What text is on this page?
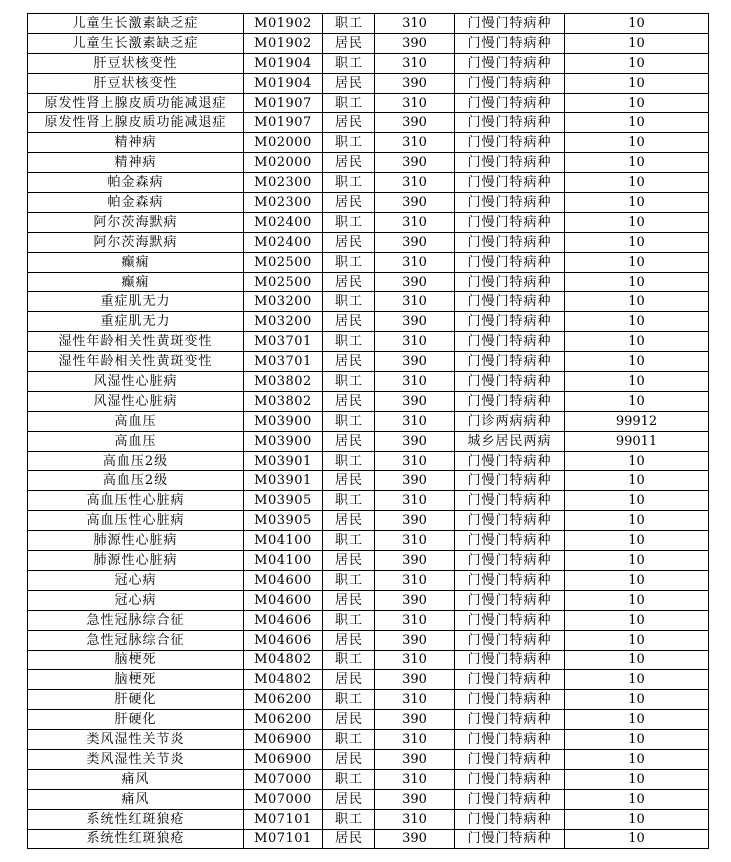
儿童生长激素缺乏症	M01902	职工	310	门慢门特病种	10
儿童生长激素缺乏症	M01902	居民	390	门慢门特病种	10
肝豆状核变性	M01904	职工	310	门慢门特病种	10
肝豆状核变性	M01904	居民	390	门慢门特病种	10
原发性肾上腺皮质功能减退症	M01907	职工	310	门慢门特病种	10
原发性肾上腺皮质功能减退症	M01907	居民	390	门慢门特病种	10
精神病	M02000	职工	310	门慢门特病种	10
精神病	M02000	居民	390	门慢门特病种	10
帕金森病	M02300	职工	310	门慢门特病种	10
帕金森病	M02300	居民	390	门慢门特病种	10
阿尔茨海默病	M02400	职工	310	门慢门特病种	10
阿尔茨海默病	M02400	居民	390	门慢门特病种	10
癫痫	M02500	职工	310	门慢门特病种	10
癫痫	M02500	居民	390	门慢门特病种	10
重症肌无力	M03200	职工	310	门慢门特病种	10
重症肌无力	M03200	居民	390	门慢门特病种	10
湿性年龄相关性黄斑变性	M03701	职工	310	门慢门特病种	10
湿性年龄相关性黄斑变性	M03701	居民	390	门慢门特病种	10
风湿性心脏病	M03802	职工	310	门慢门特病种	10
风湿性心脏病	M03802	居民	390	门慢门特病种	10
高血压	M03900	职工	310	门诊两病病种	99912
高血压	M03900	居民	390	城乡居民两病	99011
高血压2级	M03901	职工	310	门慢门特病种	10
高血压2级	M03901	居民	390	门慢门特病种	10
高血压性心脏病	M03905	职工	310	门慢门特病种	10
高血压性心脏病	M03905	居民	390	门慢门特病种	10
肺源性心脏病	M04100	职工	310	门慢门特病种	10
肺源性心脏病	M04100	居民	390	门慢门特病种	10
冠心病	M04600	职工	310	门慢门特病种	10
冠心病	M04600	居民	390	门慢门特病种	10
急性冠脉综合征	M04606	职工	310	门慢门特病种	10
急性冠脉综合征	M04606	居民	390	门慢门特病种	10
脑梗死	M04802	职工	310	门慢门特病种	10
脑梗死	M04802	居民	390	门慢门特病种	10
肝硬化	M06200	职工	310	门慢门特病种	10
肝硬化	M06200	居民	390	门慢门特病种	10
类风湿性关节炎	M06900	职工	310	门慢门特病种	10
类风湿性关节炎	M06900	居民	390	门慢门特病种	10
痛风	M07000	职工	310	门慢门特病种	10
痛风	M07000	居民	390	门慢门特病种	10
系统性红斑狼疮	M07101	职工	310	门慢门特病种	10
系统性红斑狼疮	M07101	居民	390	门慢门特病种	10
